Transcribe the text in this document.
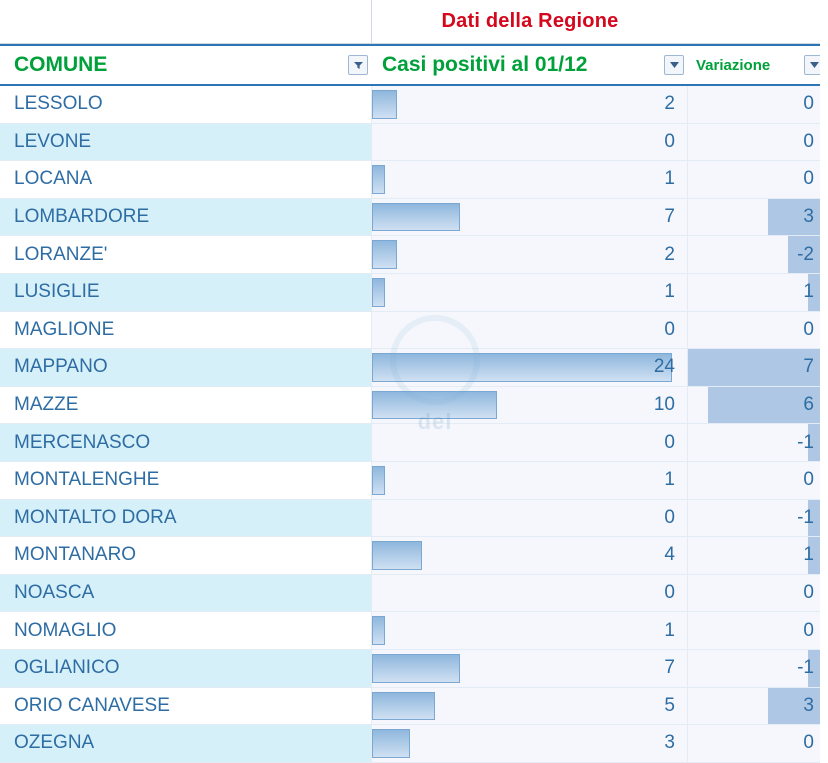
Dati della Regione
COMUNE	Casi positivi al 01/12	Variazione
LESSOLO	2	0
LEVONE	0	0
LOCANA	1	0
LOMBARDORE	7	3
LORANZE'	2	-2
LUSIGLIE	1	1
MAGLIONE	0	0
MAPPANO	24	7
MAZZE	10	6
MERCENASCO	0	-1
MONTALENGHE	1	0
MONTALTO DORA	0	-1
MONTANARO	4	1
NOASCA	0	0
NOMAGLIO	1	0
OGLIANICO	7	-1
ORIO CANAVESE	5	3
OZEGNA	3	0
